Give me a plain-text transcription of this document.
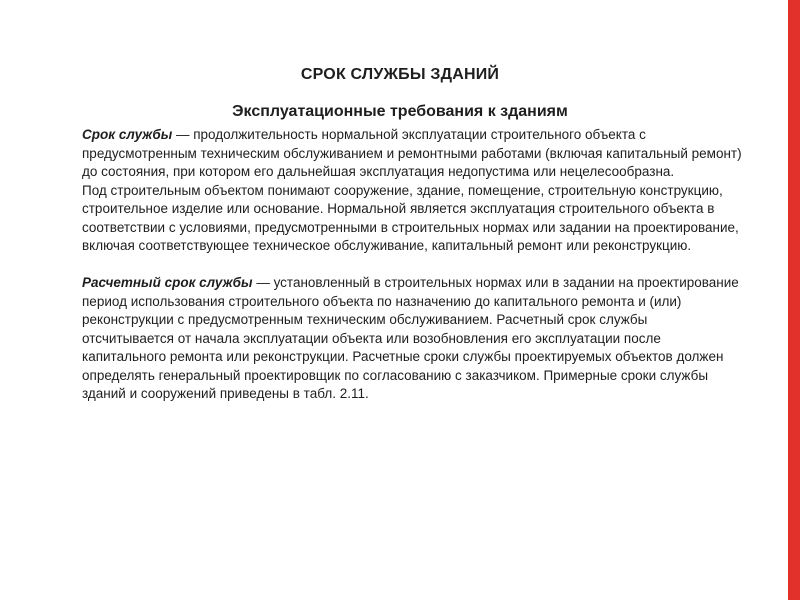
СРОК СЛУЖБЫ ЗДАНИЙ
Эксплуатационные требования к зданиям

Срок службы — продолжительность нормальной эксплуатации строительного объекта с предусмотренным техническим обслуживанием и ремонтными работами (включая капитальный ремонт) до состояния, при котором его дальнейшая эксплуатация недопустима или нецелесообразна.

Под строительным объектом понимают сооружение, здание, помещение, строительную конструкцию, строительное изделие или основание. Нормальной является эксплуатация строительного объекта в соответствии с условиями, предусмотренными в строительных нормах или задании на проектирование, включая соответствующее техническое обслуживание, капитальный ремонт или реконструкцию.

Расчетный срок службы — установленный в строительных нормах или в задании на проектирование период использования строительного объекта по назначению до капитального ремонта и (или) реконструкции с предусмотренным техническим обслуживанием. Расчетный срок службы отсчитывается от начала эксплуатации объекта или возобновления его эксплуатации после капитального ремонта или реконструкции. Расчетные сроки службы проектируемых объектов должен определять генеральный проектировщик по согласованию с заказчиком. Примерные сроки службы зданий и сооружений приведены в табл. 2.11.
